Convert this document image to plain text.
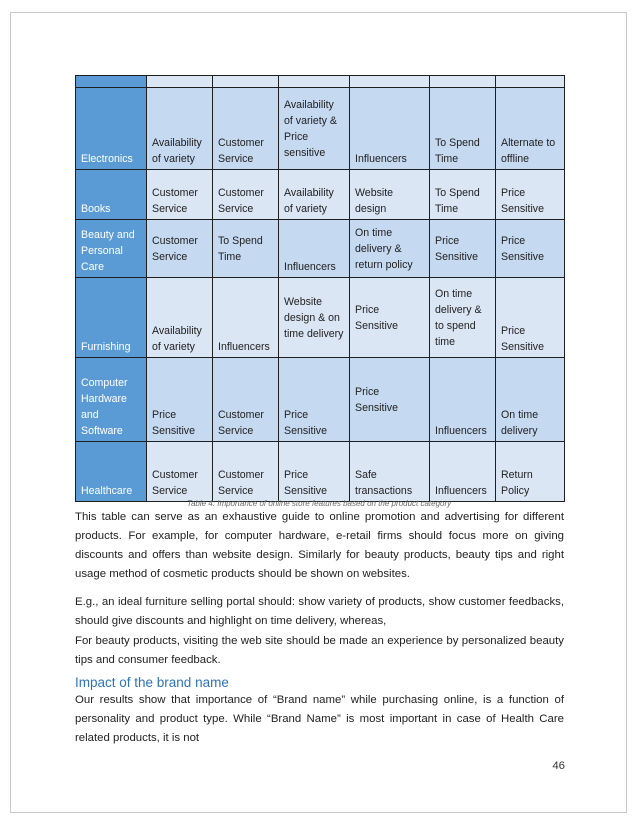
Electronics	Availability of variety	Customer Service	Availability of variety & Price sensitive	Influencers	To Spend Time	Alternate to offline
Books	Customer Service	Customer Service	Availability of variety	Website design	To Spend Time	Price Sensitive
Beauty and Personal Care	Customer Service	To Spend Time	Influencers	On time delivery & return policy	Price Sensitive	Price Sensitive
Furnishing	Availability of variety	Influencers	Website design & on time delivery	Price Sensitive	On time delivery & to spend time	Price Sensitive
Computer Hardware and Software	Price Sensitive	Customer Service	Price Sensitive	Price Sensitive	Influencers	On time delivery
Healthcare	Customer Service	Customer Service	Price Sensitive	Safe transactions	Influencers	Return Policy
Table 4: Importance of online store features based on the product category

This table can serve as an exhaustive guide to online promotion and advertising for different products. For example, for computer hardware, e-retail firms should focus more on giving discounts and offers than website design. Similarly for beauty products, beauty tips and right usage method of cosmetic products should be shown on websites.

E.g., an ideal furniture selling portal should: show variety of products, show customer feedbacks, should give discounts and highlight on time delivery, whereas,

For beauty products, visiting the web site should be made an experience by personalized beauty tips and consumer feedback.

Impact of the brand name

Our results show that importance of “Brand name” while purchasing online, is a function of personality and product type. While “Brand Name” is most important in case of Health Care related products, it is not

46
